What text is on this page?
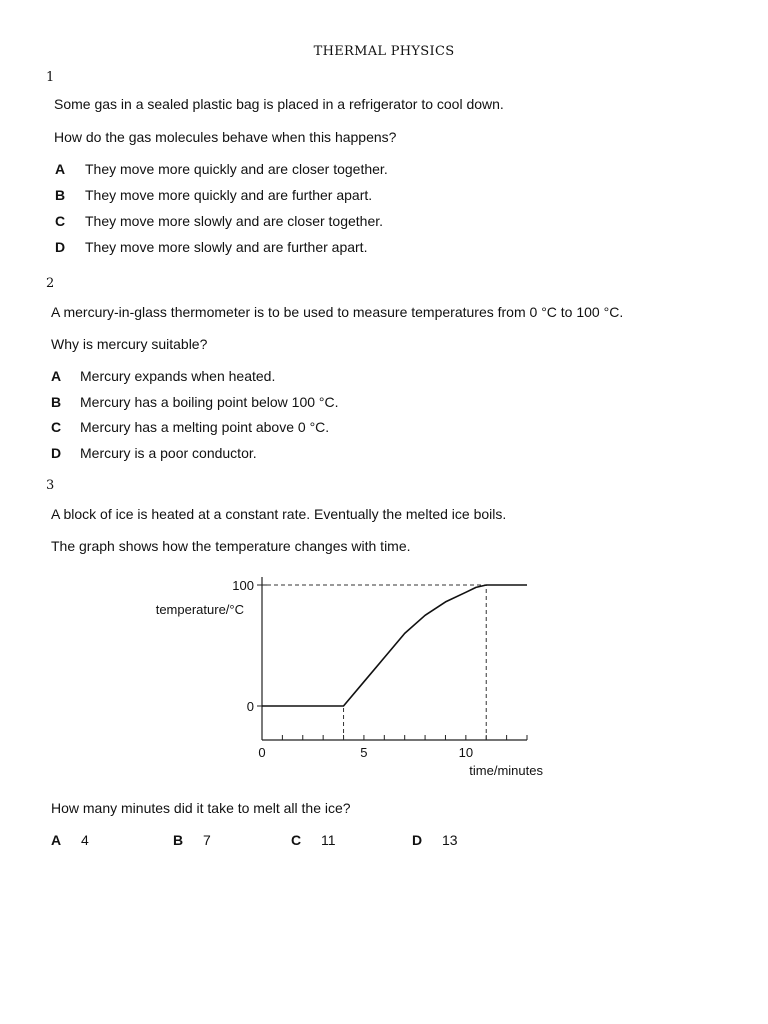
THERMAL PHYSICS
1
Some gas in a sealed plastic bag is placed in a refrigerator to cool down.
How do the gas molecules behave when this happens?
A They move more quickly and are closer together.
B They move more quickly and are further apart.
C They move more slowly and are closer together.
D They move more slowly and are further apart.
2
A mercury-in-glass thermometer is to be used to measure temperatures from 0 °C to 100 °C.
Why is mercury suitable?
A Mercury expands when heated.
B Mercury has a boiling point below 100 °C.
C Mercury has a melting point above 0 °C.
D Mercury is a poor conductor.
3
A block of ice is heated at a constant rate. Eventually the melted ice boils.
The graph shows how the temperature changes with time.
0
100
0	5	10
temperature/°C
time/minutes
How many minutes did it take to melt all the ice?
A 4	B 7	C 11	D 13
